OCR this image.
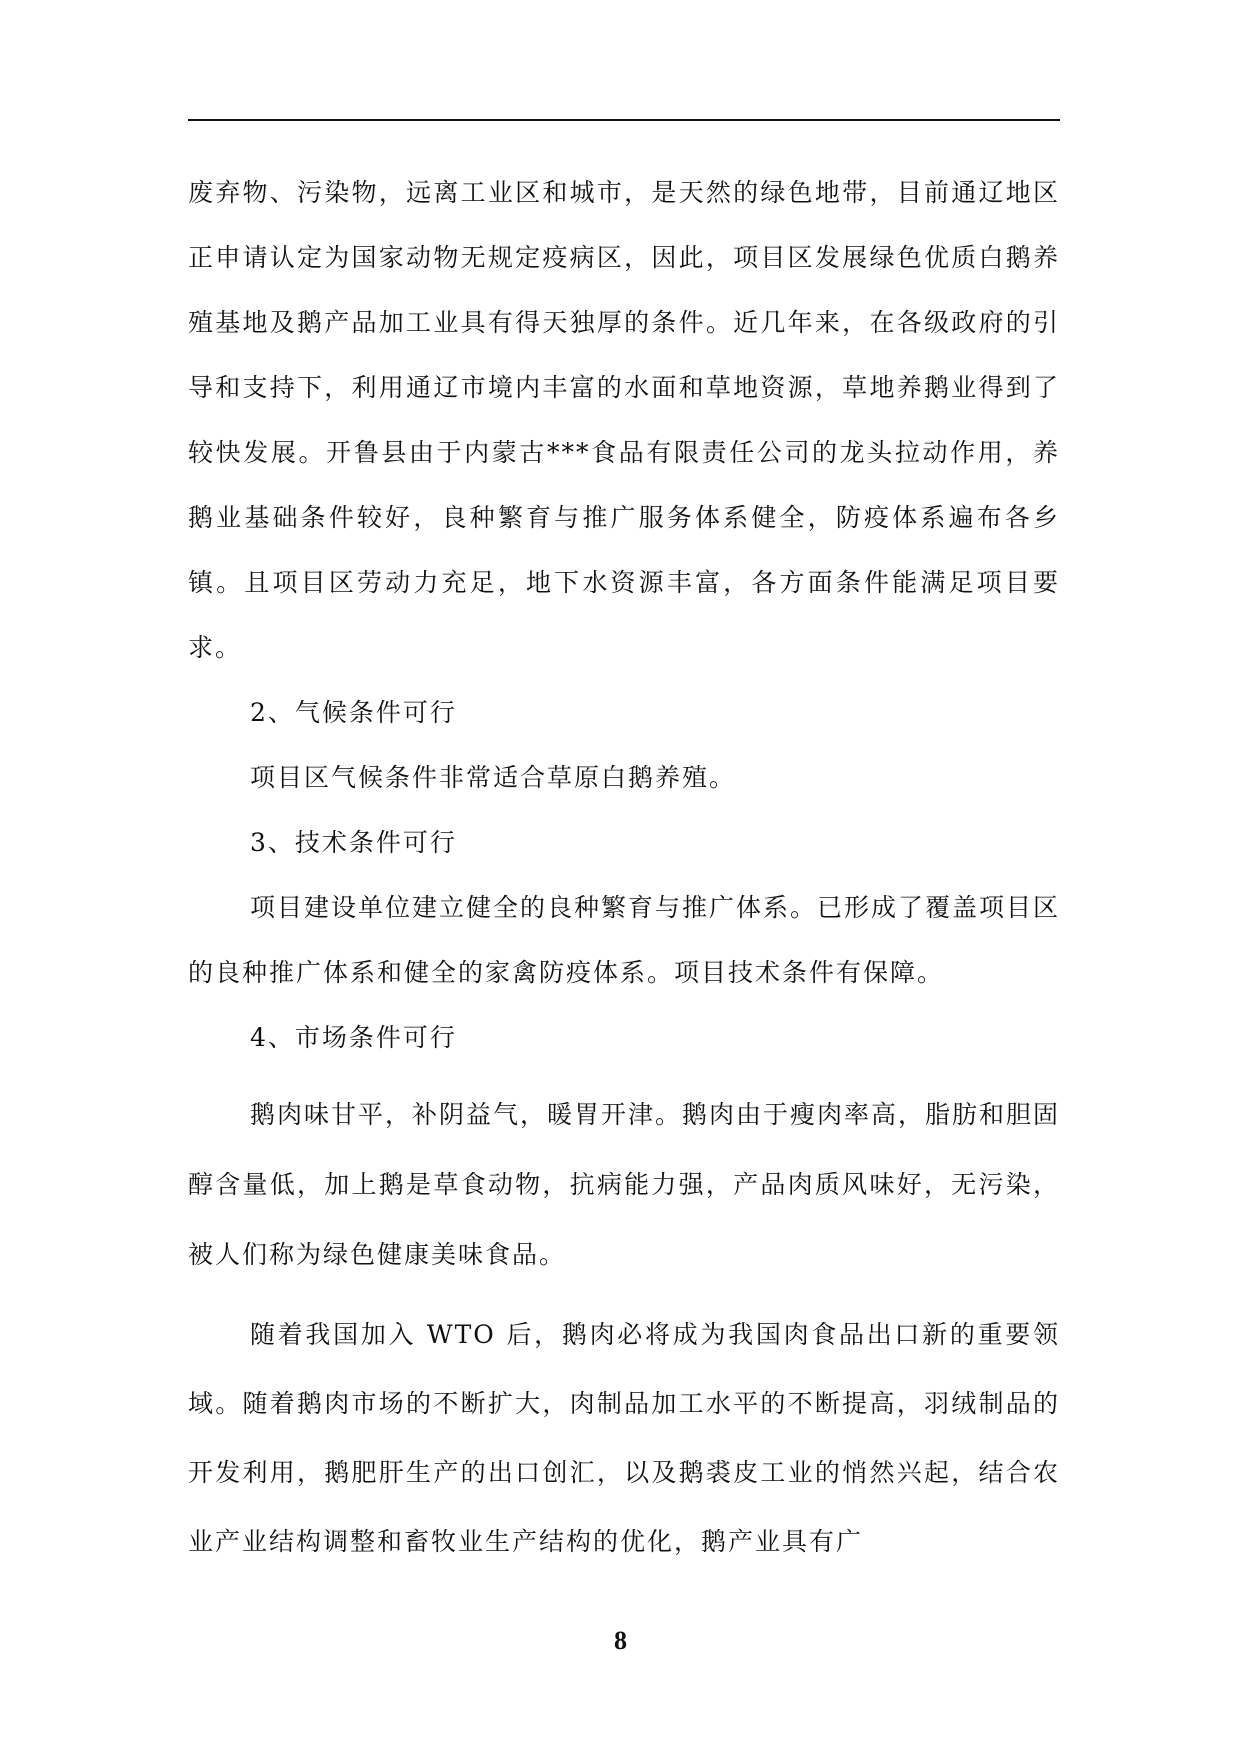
废弃物、污染物，远离工业区和城市，是天然的绿色地带，目前通辽地区正申请认定为国家动物无规定疫病区，因此，项目区发展绿色优质白鹅养殖基地及鹅产品加工业具有得天独厚的条件。近几年来，在各级政府的引导和支持下，利用通辽市境内丰富的水面和草地资源，草地养鹅业得到了较快发展。开鲁县由于内蒙古***食品有限责任公司的龙头拉动作用，养鹅业基础条件较好，良种繁育与推广服务体系健全，防疫体系遍布各乡镇。且项目区劳动力充足，地下水资源丰富，各方面条件能满足项目要求。

2、气候条件可行

项目区气候条件非常适合草原白鹅养殖。

3、技术条件可行

项目建设单位建立健全的良种繁育与推广体系。已形成了覆盖项目区的良种推广体系和健全的家禽防疫体系。项目技术条件有保障。

4、市场条件可行

鹅肉味甘平，补阴益气，暖胃开津。鹅肉由于瘦肉率高，脂肪和胆固醇含量低，加上鹅是草食动物，抗病能力强，产品肉质风味好，无污染，被人们称为绿色健康美味食品。

随着我国加入 WTO 后，鹅肉必将成为我国肉食品出口新的重要领域。随着鹅肉市场的不断扩大，肉制品加工水平的不断提高，羽绒制品的开发利用，鹅肥肝生产的出口创汇，以及鹅裘皮工业的悄然兴起，结合农业产业结构调整和畜牧业生产结构的优化，鹅产业具有广

8
